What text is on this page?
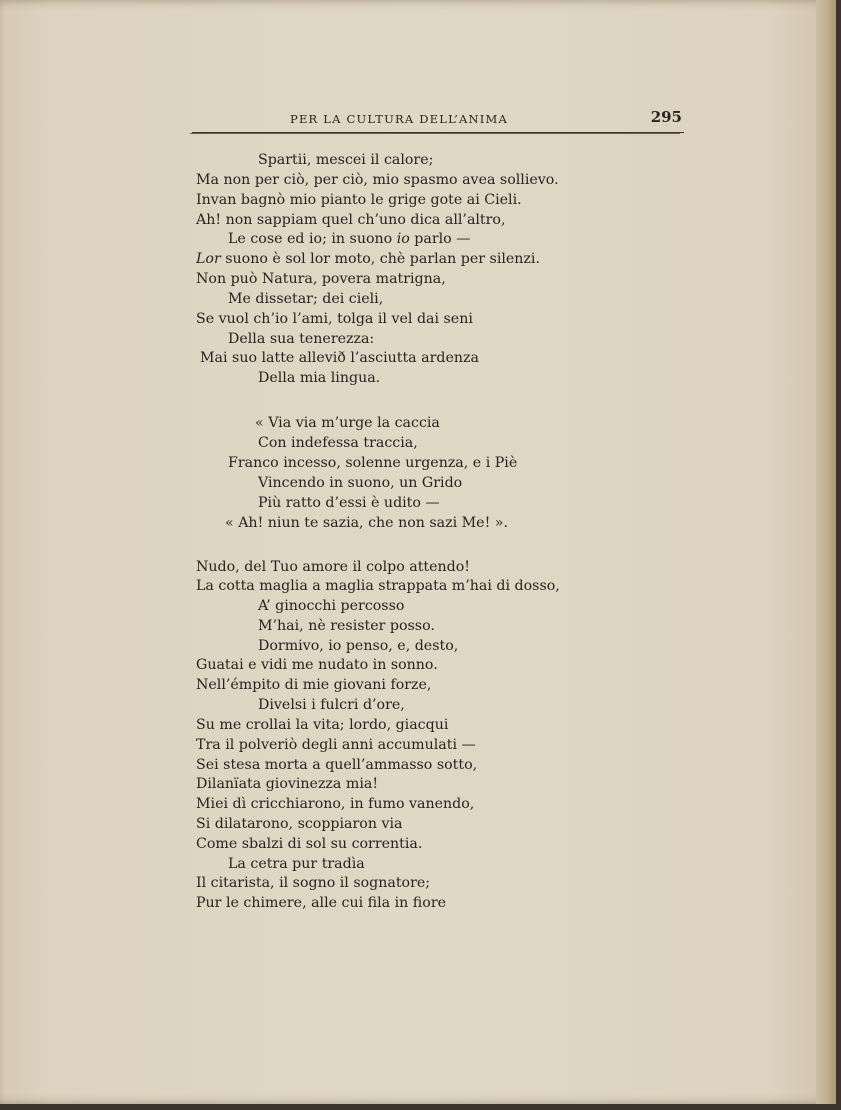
PER LA CULTURA DELL’ANIMA	295
Spartii, mescei il calore;
Ma non per ciò, per ciò, mio spasmo avea sollievo.
Invan bagnò mio pianto le grige gote ai Cieli.
Ah! non sappiam quel ch’uno dica all’altro,
Le cose ed io; in suono io parlo —
Lor suono è sol lor moto, chè parlan per silenzi.
Non può Natura, povera matrigna,
Me dissetar; dei cieli,
Se vuol ch’io l’ami, tolga il vel dai seni
Della sua tenerezza:
Mai suo latte allevið l’asciutta ardenza
Della mia lingua.
« Via via m’urge la caccia
Con indefessa traccia,
Franco incesso, solenne urgenza, e i Piè
Vincendo in suono, un Grido
Più ratto d’essi è udito —
« Ah! niun te sazia, che non sazi Me! ».
Nudo, del Tuo amore il colpo attendo!
La cotta maglia a maglia strappata m’hai di dosso,
A’ ginocchi percosso
M’hai, nè resister posso.
Dormivo, io penso, e, desto,
Guatai e vidi me nudato in sonno.
Nell’émpito di mie giovani forze,
Divelsi i fulcri d’ore,
Su me crollai la vita; lordo, giacqui
Tra il polveriò degli anni accumulati —
Sei stesa morta a quell’ammasso sotto,
Dilanïata giovinezza mia!
Miei dì cricchiarono, in fumo vanendo,
Si dilatarono, scoppiaron via
Come sbalzi di sol su correntia.
La cetra pur tradìa
Il citarista, il sogno il sognatore;
Pur le chimere, alle cui fila in fiore
